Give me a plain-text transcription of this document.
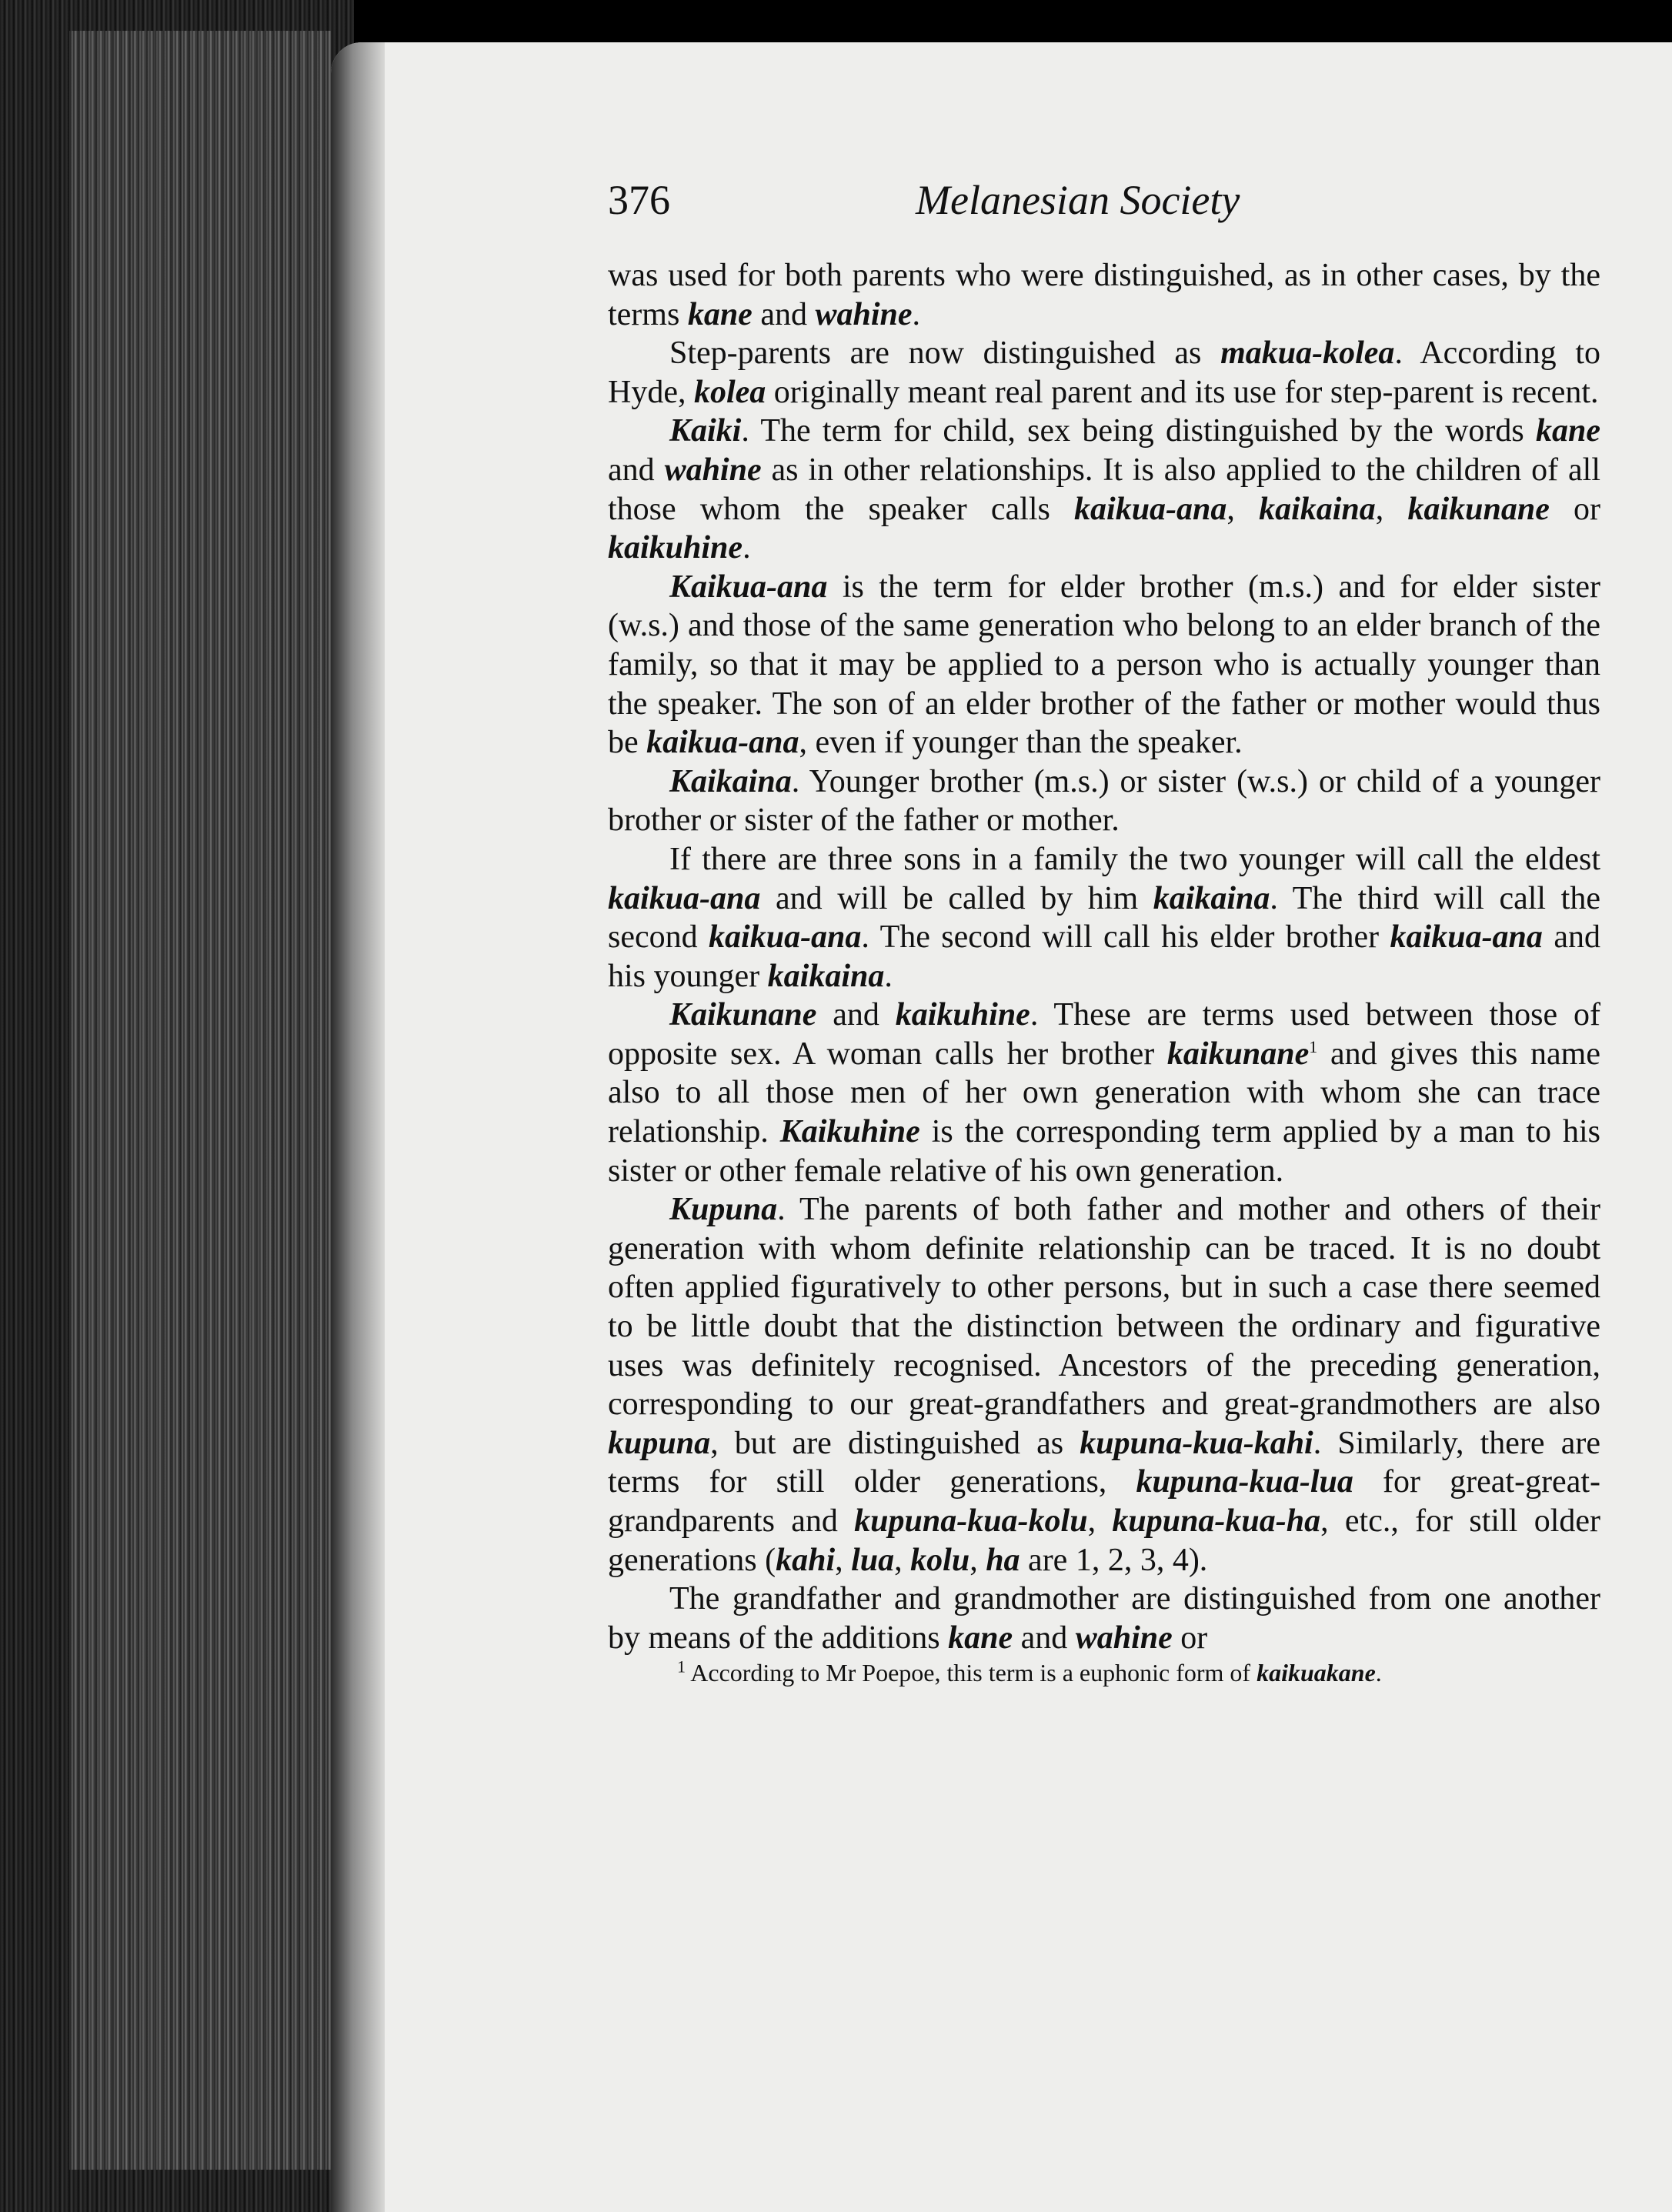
376	Melanesian Society

was used for both parents who were distinguished, as in other cases, by the terms kane and wahine.

Step-parents are now distinguished as makua-kolea. According to Hyde, kolea originally meant real parent and its use for step-parent is recent.

Kaiki. The term for child, sex being distinguished by the words kane and wahine as in other relationships. It is also applied to the children of all those whom the speaker calls kaikua-ana, kaikaina, kaikunane or kaikuhine.

Kaikua-ana is the term for elder brother (m.s.) and for elder sister (w.s.) and those of the same generation who belong to an elder branch of the family, so that it may be applied to a person who is actually younger than the speaker. The son of an elder brother of the father or mother would thus be kaikua-ana, even if younger than the speaker.

Kaikaina. Younger brother (m.s.) or sister (w.s.) or child of a younger brother or sister of the father or mother.

If there are three sons in a family the two younger will call the eldest kaikua-ana and will be called by him kaikaina. The third will call the second kaikua-ana. The second will call his elder brother kaikua-ana and his younger kaikaina.

Kaikunane and kaikuhine. These are terms used between those of opposite sex. A woman calls her brother kaikunane$^1$ and gives this name also to all those men of her own generation with whom she can trace relationship. Kaikuhine is the corresponding term applied by a man to his sister or other female relative of his own generation.

Kupuna. The parents of both father and mother and others of their generation with whom definite relationship can be traced. It is no doubt often applied figuratively to other persons, but in such a case there seemed to be little doubt that the distinction between the ordinary and figurative uses was definitely recognised. Ancestors of the preceding generation, corresponding to our great-grandfathers and great-grandmothers are also kupuna, but are distinguished as kupuna-kua-kahi. Similarly, there are terms for still older generations, kupuna-kua-lua for great-great-grandparents and kupuna-kua-kolu, kupuna-kua-ha, etc., for still older generations (kahi, lua, kolu, ha are 1, 2, 3, 4).

The grandfather and grandmother are distinguished from one another by means of the additions kane and wahine or

$^1$ According to Mr Poepoe, this term is a euphonic form of kaikuakane.
